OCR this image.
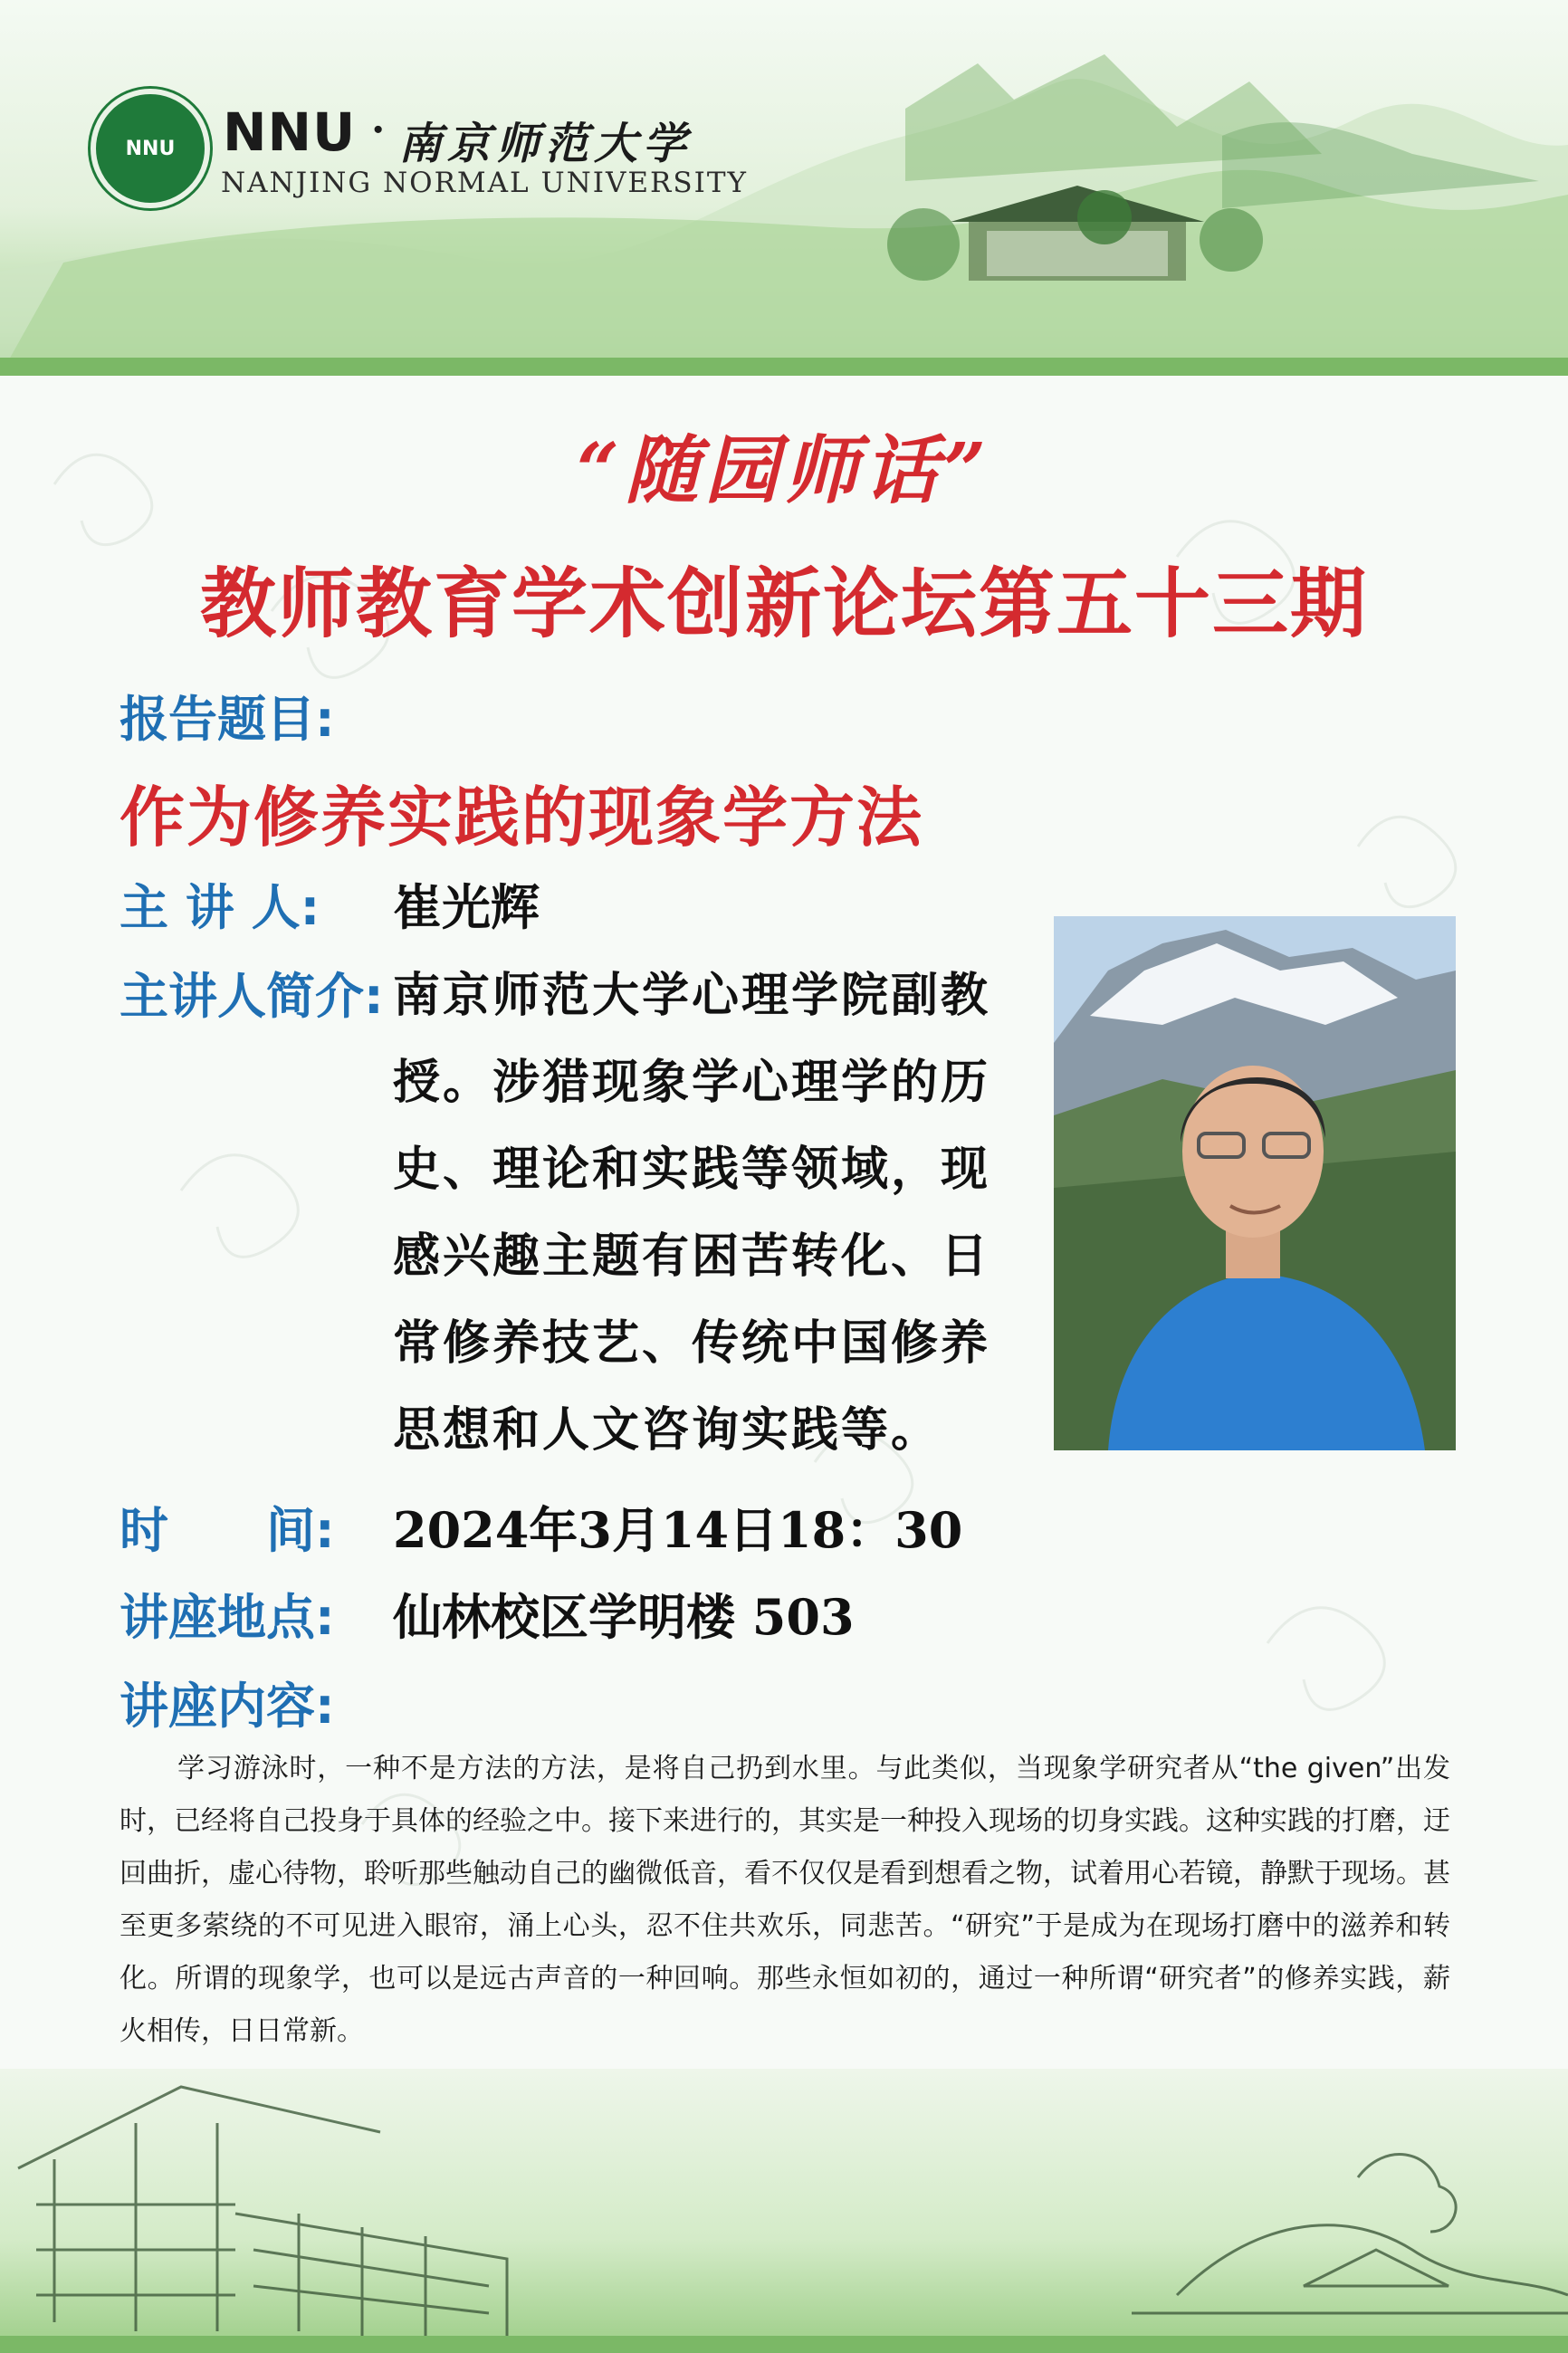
NNU NNU · 南京师范大学
NANJING NORMAL UNIVERSITY
“随园师话”
教师教育学术创新论坛第五十三期
报告题目:
作为修养实践的现象学方法
主 讲 人: 崔光辉
主讲人简介: 南京师范大学心理学院副教授。涉猎现象学心理学的历史、理论和实践等领域，现感兴趣主题有困苦转化、日常修养技艺、传统中国修养思想和人文咨询实践等。
时　　间: 2024年3月14日18：30
讲座地点: 仙林校区学明楼 503
讲座内容:
学习游泳时，一种不是方法的方法，是将自己扔到水里。与此类似，当现象学研究者从“the given”出发时，已经将自己投身于具体的经验之中。接下来进行的，其实是一种投入现场的切身实践。这种实践的打磨，迂回曲折，虚心待物，聆听那些触动自己的幽微低音，看不仅仅是看到想看之物，试着用心若镜，静默于现场。甚至更多萦绕的不可见进入眼帘，涌上心头，忍不住共欢乐，同悲苦。“研究”于是成为在现场打磨中的滋养和转化。所谓的现象学，也可以是远古声音的一种回响。那些永恒如初的，通过一种所谓“研究者”的修养实践，薪火相传，日日常新。
